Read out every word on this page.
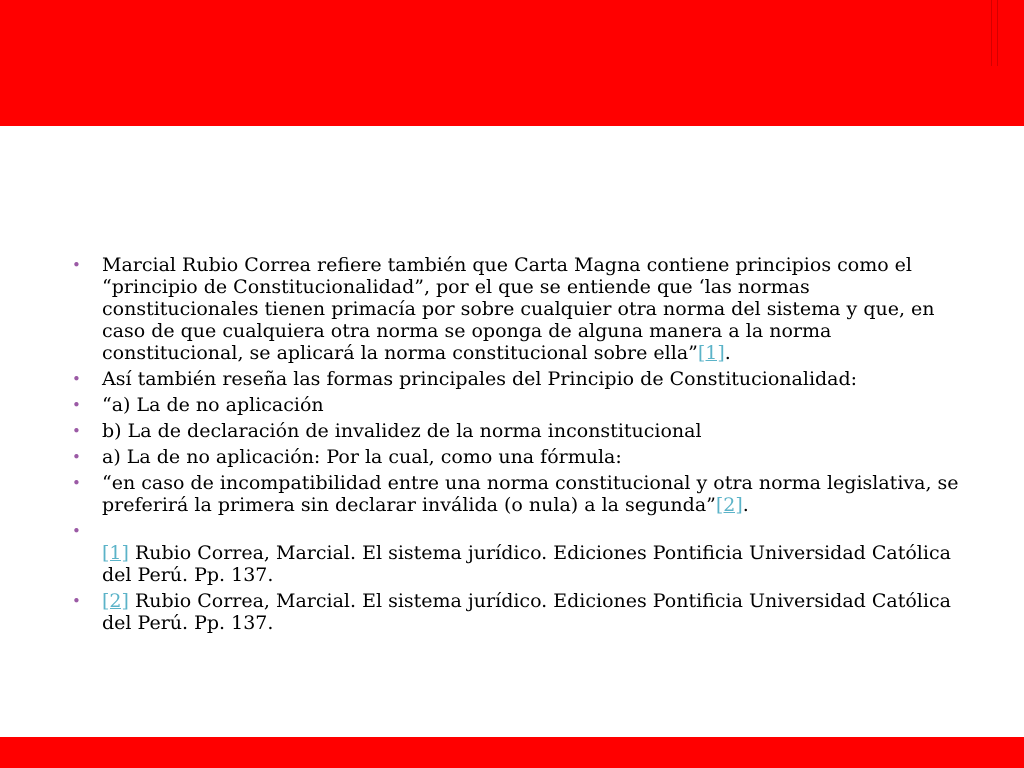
• Marcial Rubio Correa refiere también que Carta Magna contiene principios como el “principio de Constitucionalidad”, por el que se entiende que ‘las normas constitucionales tienen primacía por sobre cualquier otra norma del sistema y que, en caso de que cualquiera otra norma se oponga de alguna manera a la norma constitucional, se aplicará la norma constitucional sobre ella”[1].
• Así también reseña las formas principales del Principio de Constitucionalidad:
• “a) La de no aplicación
• b) La de declaración de invalidez de la norma inconstitucional
• a) La de no aplicación: Por la cual, como una fórmula:
• “en caso de incompatibilidad entre una norma constitucional y otra norma legislativa, se preferirá la primera sin declarar inválida (o nula) a la segunda”[2].
•

[1] Rubio Correa, Marcial. El sistema jurídico. Ediciones Pontificia Universidad Católica del Perú. Pp. 137.
• [2] Rubio Correa, Marcial. El sistema jurídico. Ediciones Pontificia Universidad Católica del Perú. Pp. 137.
